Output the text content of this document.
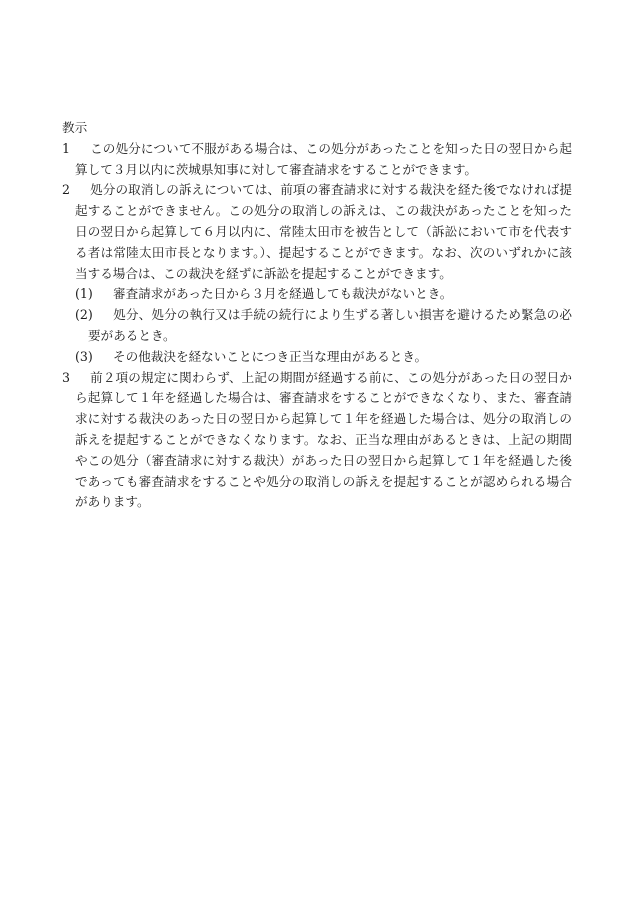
教示

1 この処分について不服がある場合は、この処分があったことを知った日の翌日から起算して３月以内に茨城県知事に対して審査請求をすることができます。

2 処分の取消しの訴えについては、前項の審査請求に対する裁決を経た後でなければ提起することができません。この処分の取消しの訴えは、この裁決があったことを知った日の翌日から起算して６月以内に、常陸太田市を被告として（訴訟において市を代表する者は常陸太田市長となります。）、提起することができます。なお、次のいずれかに該当する場合は、この裁決を経ずに訴訟を提起することができます。

(1) 審査請求があった日から３月を経過しても裁決がないとき。

(2) 処分、処分の執行又は手続の続行により生ずる著しい損害を避けるため緊急の必要があるとき。

(3) その他裁決を経ないことにつき正当な理由があるとき。

3 前２項の規定に関わらず、上記の期間が経過する前に、この処分があった日の翌日から起算して１年を経過した場合は、審査請求をすることができなくなり、また、審査請求に対する裁決のあった日の翌日から起算して１年を経過した場合は、処分の取消しの訴えを提起することができなくなります。なお、正当な理由があるときは、上記の期間やこの処分（審査請求に対する裁決）があった日の翌日から起算して１年を経過した後であっても審査請求をすることや処分の取消しの訴えを提起することが認められる場合があります。
